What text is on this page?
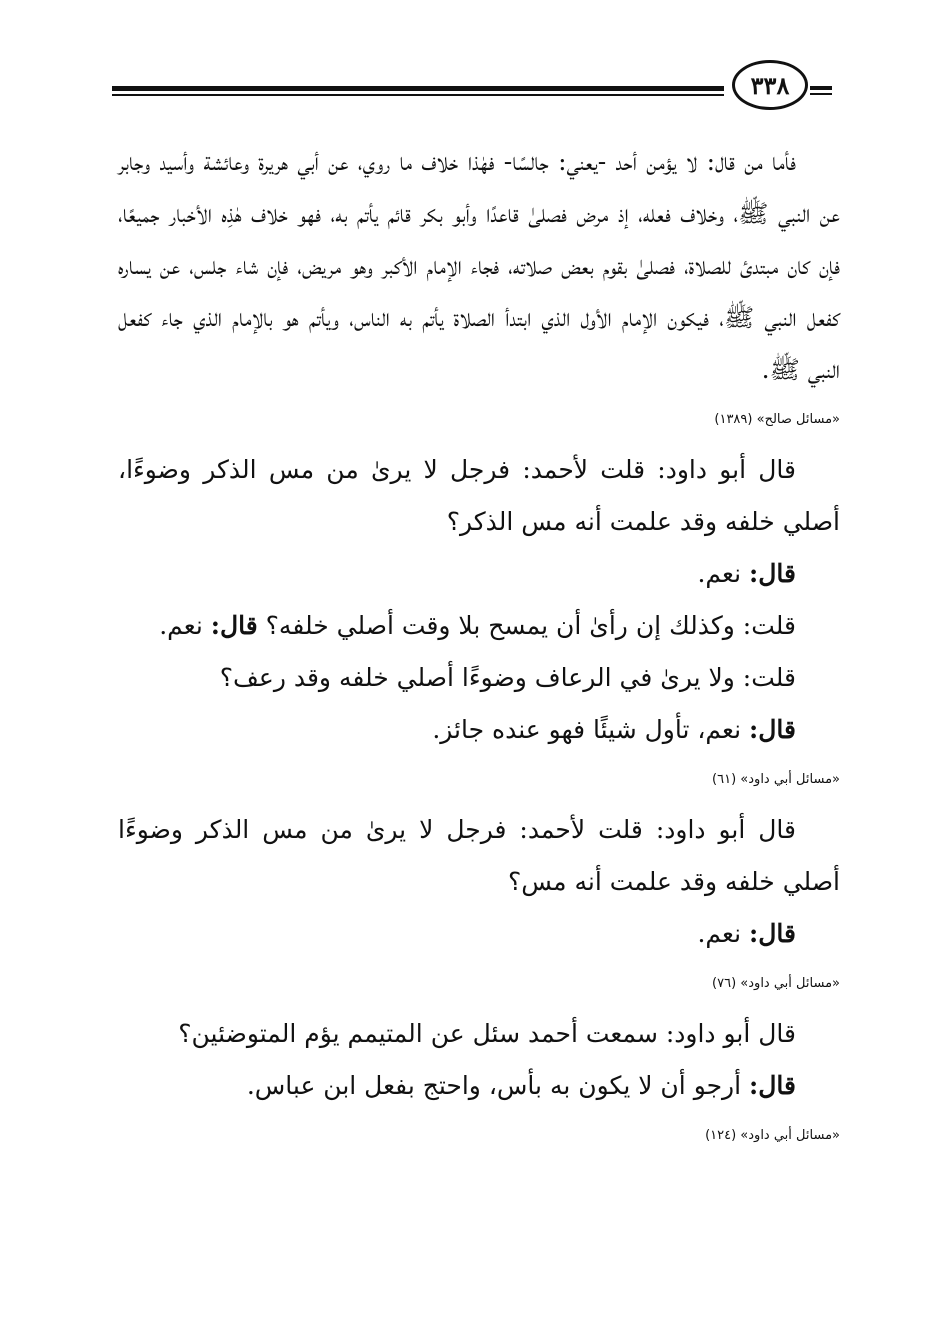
٣٣٨

فأما من قال: لا يؤمن أحد -يعني: جالسًا- فهٰذا خلاف ما روي، عن أبي هريرة وعائشة وأسيد وجابر عن النبي ﷺ، وخلاف فعله، إذ مرض فصلىٰ قاعدًا وأبو بكر قائم يأتم به، فهو خلاف هٰذِه الأخبار جميعًا، فإن كان مبتدئ للصلاة، فصلىٰ بقوم بعض صلاته، فجاء الإمام الأكبر وهو مريض، فإن شاء جلس، عن يساره كفعل النبي ﷺ، فيكون الإمام الأول الذي ابتدأ الصلاة يأتم به الناس، ويأتم هو بالإمام الذي جاء كفعل النبي ﷺ.

«مسائل صالح» (١٣٨٩)

قال أبو داود: قلت لأحمد: فرجل لا يرىٰ من مس الذكر وضوءًا، أصلي خلفه وقد علمت أنه مس الذكر؟

قال: نعم.
قلت: وكذلك إن رأىٰ أن يمسح بلا وقت أصلي خلفه؟ قال: نعم.
قلت: ولا يرىٰ في الرعاف وضوءًا أصلي خلفه وقد رعف؟
قال: نعم، تأول شيئًا فهو عنده جائز.
«مسائل أبي داود» (٦١)

قال أبو داود: قلت لأحمد: فرجل لا يرىٰ من مس الذكر وضوءًا أصلي خلفه وقد علمت أنه مس؟

قال: نعم.
«مسائل أبي داود» (٧٦)
قال أبو داود: سمعت أحمد سئل عن المتيمم يؤم المتوضئين؟
قال: أرجو أن لا يكون به بأس، واحتج بفعل ابن عباس.
«مسائل أبي داود» (١٢٤)
